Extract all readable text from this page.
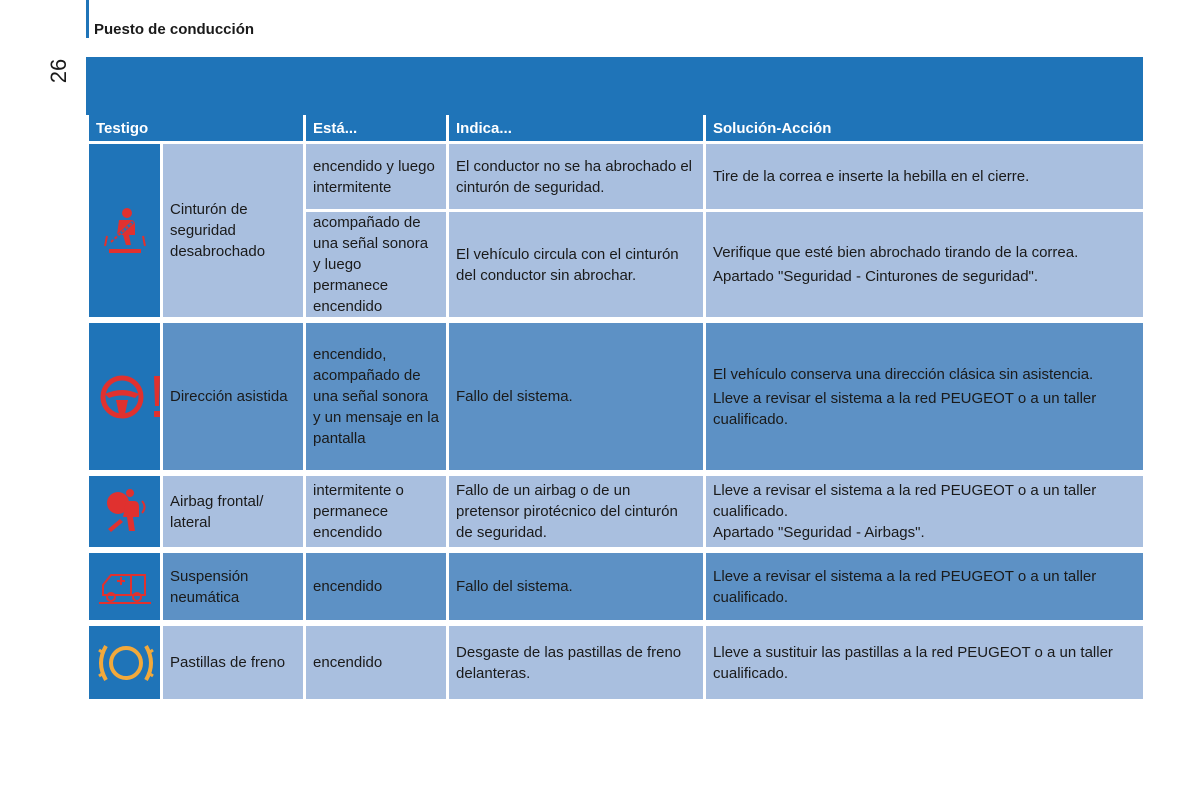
Puesto de conducción
26
Testigo		Está...	Indica...	Solución-Acción

	Cinturón de seguridad desabrochado	encendido y luego intermitente	El conductor no se ha abrochado el cinturón de seguridad.	Tire de la correa e inserte la hebilla en el cierre.
		acompañado de una señal sonora y luego permanece encendido	El vehículo circula con el cinturón del conductor sin abrochar.	Verifique que esté bien abrochado tirando de la correa.
Apartado "Seguridad - Cinturones de seguridad".

	Dirección asistida	encendido, acompañado de una señal sonora y un mensaje en la pantalla	Fallo del sistema.	El vehículo conserva una dirección clásica sin asistencia.
Lleve a revisar el sistema a la red PEUGEOT o a un taller cualificado.

	Airbag frontal/ lateral	intermitente o permanece encendido	Fallo de un airbag o de un pretensor pirotécnico del cinturón de seguridad.	Lleve a revisar el sistema a la red PEUGEOT o a un taller cualificado.
Apartado "Seguridad - Airbags".

	Suspensión neumática	encendido	Fallo del sistema.	Lleve a revisar el sistema a la red PEUGEOT o a un taller cualificado.

	Pastillas de freno	encendido	Desgaste de las pastillas de freno delanteras.	Lleve a sustituir las pastillas a la red PEUGEOT o a un taller cualificado.
